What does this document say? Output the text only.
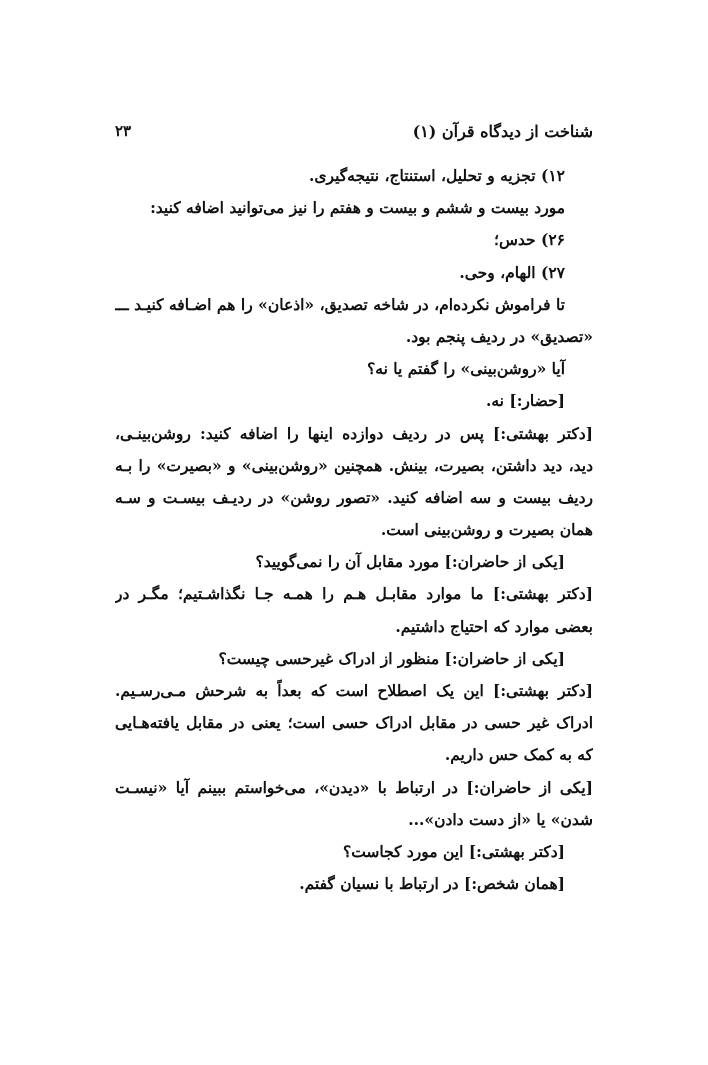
شناخت از دیدگاه قرآن (۱)
۲۳
۱۲) تجزیه و تحلیل، استنتاج، نتیجه‌گیری.
مورد بیست و ششم و بیست و هفتم را نیز می‌توانید اضافه کنید:
۲۶) حدس؛
۲۷) الهام، وحی.
تا فراموش نکرده‌ام، در شاخه تصدیق، «اذعان» را هم اضـافه کنیـد ـــ
«تصدیق» در ردیف پنجم بود.
آیا «روشن‌بینی» را گفتم یا نه؟
[حضار:] نه.
[دکتر بهشتی:] پس در ردیف دوازده اینها را اضافه کنید: روشن‌بینـی،
دید، دید داشتن، بصیرت، بینش. همچنین «روشن‌بینی» و «بصیرت» را بـه
ردیف بیست و سه اضافه کنید. «تصور روشن» در ردیـف بیسـت و سـه
همان بصیرت و روشن‌بینی است.
[یکی از حاضران:] مورد مقابل آن را نمی‌گویید؟
[دکتر بهشتی:] ما موارد مقابـل هـم را همـه جـا نگذاشـتیم؛ مگـر در
بعضی موارد که احتیاج داشتیم.
[یکی از حاضران:] منظور از ادراک غیرحسی چیست؟
[دکتر بهشتی:] این یک اصطلاح است که بعداً به شرحش مـی‌رسـیم.
ادراک غیر حسی در مقابل ادراک حسی است؛ یعنی در مقابل یافته‌هـایی
که به کمک حس داریم.
[یکی از حاضران:] در ارتباط با «دیدن»، می‌خواستم ببینم آیا «نیسـت
شدن» یا «از دست دادن»...
[دکتر بهشتی:] این مورد کجاست؟
[همان شخص:] در ارتباط با نسیان گفتم.
